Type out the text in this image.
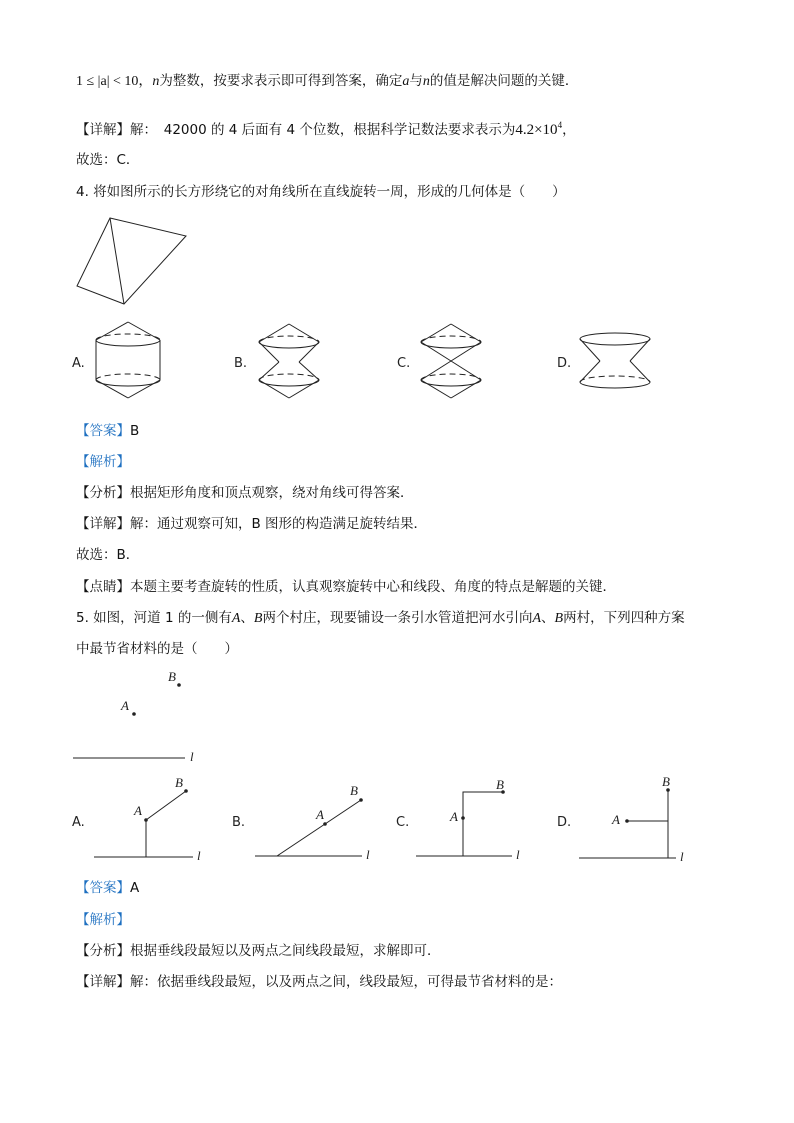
1 ≤ |a| < 10，n为整数，按要求表示即可得到答案，确定a与n的值是解决问题的关键．
【详解】解：　42000 的 4 后面有 4 个位数，根据科学记数法要求表示为$4.2\times 10^4$，
故选：C．
4. 将如图所示的长方形绕它的对角线所在直线旋转一周，形成的几何体是（　　）
A.	B.	C.	D.
【答案】B
【解析】
【分析】根据矩形角度和顶点观察，绕对角线可得答案．
【详解】解：通过观察可知，B 图形的构造满足旋转结果．
故选：B．
【点睛】本题主要考查旋转的性质，认真观察旋转中心和线段、角度的特点是解题的关键．
5. 如图，河道 1 的一侧有A、B两个村庄，现要铺设一条引水管道把河水引向A、B两村，下列四种方案
中最节省材料的是（　　）
B
A
l
A.
l
A
B
B.
l
A
B
C.
l
A
B
D.
l
A
B
【答案】A
【解析】
【分析】根据垂线段最短以及两点之间线段最短，求解即可．
【详解】解：依据垂线段最短，以及两点之间，线段最短，可得最节省材料的是：
